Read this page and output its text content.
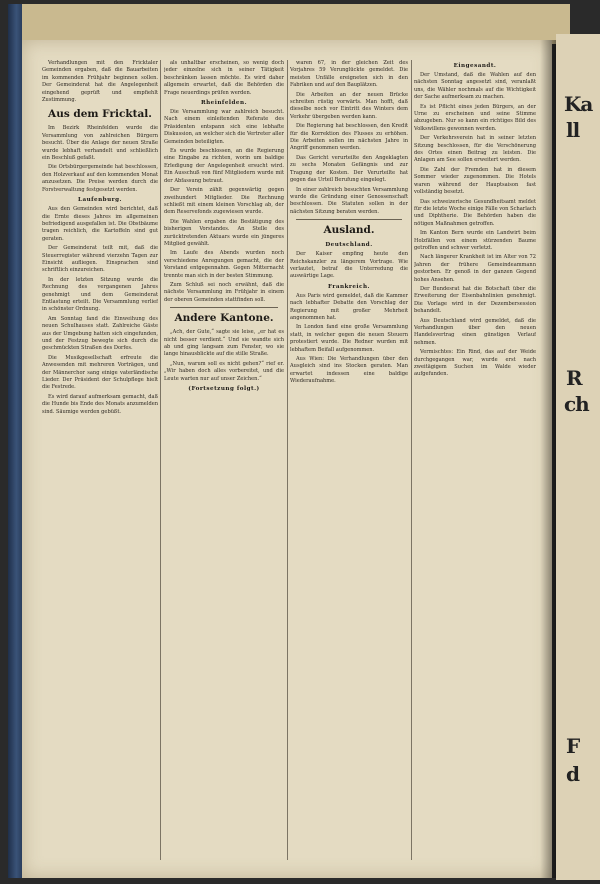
Verhandlungen mit den Fricktaler Gemeinden ergaben, daß die Bauarbeiten im kommenden Frühjahr beginnen sollen. Der Gemeinderat hat die Angelegenheit eingehend geprüft und empfiehlt Zustimmung.

Aus dem Fricktal.

Im Bezirk Rheinfelden wurde die Versammlung von zahlreichen Bürgern besucht. Über die Anlage der neuen Straße wurde lebhaft verhandelt und schließlich ein Beschluß gefaßt.

Die Ortsbürgergemeinde hat beschlossen, den Holzverkauf auf den kommenden Monat anzusetzen. Die Preise werden durch die Forstverwaltung festgesetzt werden.

Laufenburg.

Aus den Gemeinden wird berichtet, daß die Ernte dieses Jahres im allgemeinen befriedigend ausgefallen ist. Die Obstbäume tragen reichlich, die Kartoffeln sind gut geraten.

Der Gemeinderat teilt mit, daß die Steuerregister während vierzehn Tagen zur Einsicht aufliegen. Einsprachen sind schriftlich einzureichen.

In der letzten Sitzung wurde die Rechnung des vergangenen Jahres genehmigt und dem Gemeinderat Entlastung erteilt. Die Versammlung verlief in schönster Ordnung.

Am Sonntag fand die Einweihung des neuen Schulhauses statt. Zahlreiche Gäste aus der Umgebung hatten sich eingefunden, und der Festzug bewegte sich durch die geschmückten Straßen des Dorfes.

Die Musikgesellschaft erfreute die Anwesenden mit mehreren Vorträgen, und der Männerchor sang einige vaterländische Lieder. Der Präsident der Schulpflege hielt die Festrede.

Es wird darauf aufmerksam gemacht, daß die Hunde bis Ende des Monats anzumelden sind. Säumige werden gebüßt.

als unhaltbar erscheinen, so wenig doch jeder einzelne sich in seiner Tätigkeit beschränken lassen möchte. Es wird daher allgemein erwartet, daß die Behörden die Frage neuerdings prüfen werden.

Rheinfelden.

Die Versammlung war zahlreich besucht. Nach einem einleitenden Referate des Präsidenten entspann sich eine lebhafte Diskussion, an welcher sich die Vertreter aller Gemeinden beteiligten.

Es wurde beschlossen, an die Regierung eine Eingabe zu richten, worin um baldige Erledigung der Angelegenheit ersucht wird. Ein Ausschuß von fünf Mitgliedern wurde mit der Abfassung betraut.

Der Verein zählt gegenwärtig gegen zweihundert Mitglieder. Die Rechnung schließt mit einem kleinen Vorschlag ab, der dem Reservefonds zugewiesen wurde.

Die Wahlen ergaben die Bestätigung des bisherigen Vorstandes. An Stelle des zurücktretenden Aktuars wurde ein jüngeres Mitglied gewählt.

Im Laufe des Abends wurden noch verschiedene Anregungen gemacht, die der Vorstand entgegennahm. Gegen Mitternacht trennte man sich in der besten Stimmung.

Zum Schluß sei noch erwähnt, daß die nächste Versammlung im Frühjahr in einem der oberen Gemeinden stattfinden soll.

Andere Kantone.

„Ach, der Gute,“ sagte sie leise, „er hat es nicht besser verdient.“ Und sie wandte sich ab und ging langsam zum Fenster, wo sie lange hinausblickte auf die stille Straße.

„Nun, warum soll es nicht gehen?“ rief er. „Wir haben doch alles vorbereitet, und die Leute warten nur auf unser Zeichen.“

(Fortsetzung folgt.)

waren 67, in der gleichen Zeit des Vorjahres 59 Verunglückte gemeldet. Die meisten Unfälle ereigneten sich in den Fabriken und auf den Bauplätzen.

Die Arbeiten an der neuen Brücke schreiten rüstig vorwärts. Man hofft, daß dieselbe noch vor Eintritt des Winters dem Verkehr übergeben werden kann.

Die Regierung hat beschlossen, den Kredit für die Korrektion des Flusses zu erhöhen. Die Arbeiten sollen im nächsten Jahre in Angriff genommen werden.

Das Gericht verurteilte den Angeklagten zu sechs Monaten Gefängnis und zur Tragung der Kosten. Der Verurteilte hat gegen das Urteil Berufung eingelegt.

In einer zahlreich besuchten Versammlung wurde die Gründung einer Genossenschaft beschlossen. Die Statuten sollen in der nächsten Sitzung beraten werden.

Ausland.
Deutschland.

Der Kaiser empfing heute den Reichskanzler zu längerem Vortrage. Wie verlautet, betraf die Unterredung die auswärtige Lage.

Frankreich.

Aus Paris wird gemeldet, daß die Kammer nach lebhafter Debatte den Vorschlag der Regierung mit großer Mehrheit angenommen hat.

In London fand eine große Versammlung statt, in welcher gegen die neuen Steuern protestiert wurde. Die Redner wurden mit lebhaftem Beifall aufgenommen.

Aus Wien: Die Verhandlungen über den Ausgleich sind ins Stocken geraten. Man erwartet indessen eine baldige Wiederaufnahme.

Eingesandt.

Der Umstand, daß die Wahlen auf den nächsten Sonntag angesetzt sind, veranlaßt uns, die Wähler nochmals auf die Wichtigkeit der Sache aufmerksam zu machen.

Es ist Pflicht eines jeden Bürgers, an der Urne zu erscheinen und seine Stimme abzugeben. Nur so kann ein richtiges Bild des Volkswillens gewonnen werden.

Der Verkehrsverein hat in seiner letzten Sitzung beschlossen, für die Verschönerung des Ortes einen Beitrag zu leisten. Die Anlagen am See sollen erweitert werden.

Die Zahl der Fremden hat in diesem Sommer wieder zugenommen. Die Hotels waren während der Hauptsaison fast vollständig besetzt.

Das schweizerische Gesundheitsamt meldet für die letzte Woche einige Fälle von Scharlach und Diphtherie. Die Behörden haben die nötigen Maßnahmen getroffen.

Im Kanton Bern wurde ein Landwirt beim Holzfällen von einem stürzenden Baume getroffen und schwer verletzt.

Nach längerer Krankheit ist im Alter von 72 Jahren der frühere Gemeindeammann gestorben. Er genoß in der ganzen Gegend hohes Ansehen.

Der Bundesrat hat die Botschaft über die Erweiterung der Eisenbahnlinien genehmigt. Die Vorlage wird in der Dezembersession behandelt.

Aus Deutschland wird gemeldet, daß die Verhandlungen über den neuen Handelsvertrag einen günstigen Verlauf nehmen.

Vermischtes: Ein Rind, das auf der Weide durchgegangen war, wurde erst nach zweitägigem Suchen im Walde wieder aufgefunden.

Ka
ll
R
ch
F
d
